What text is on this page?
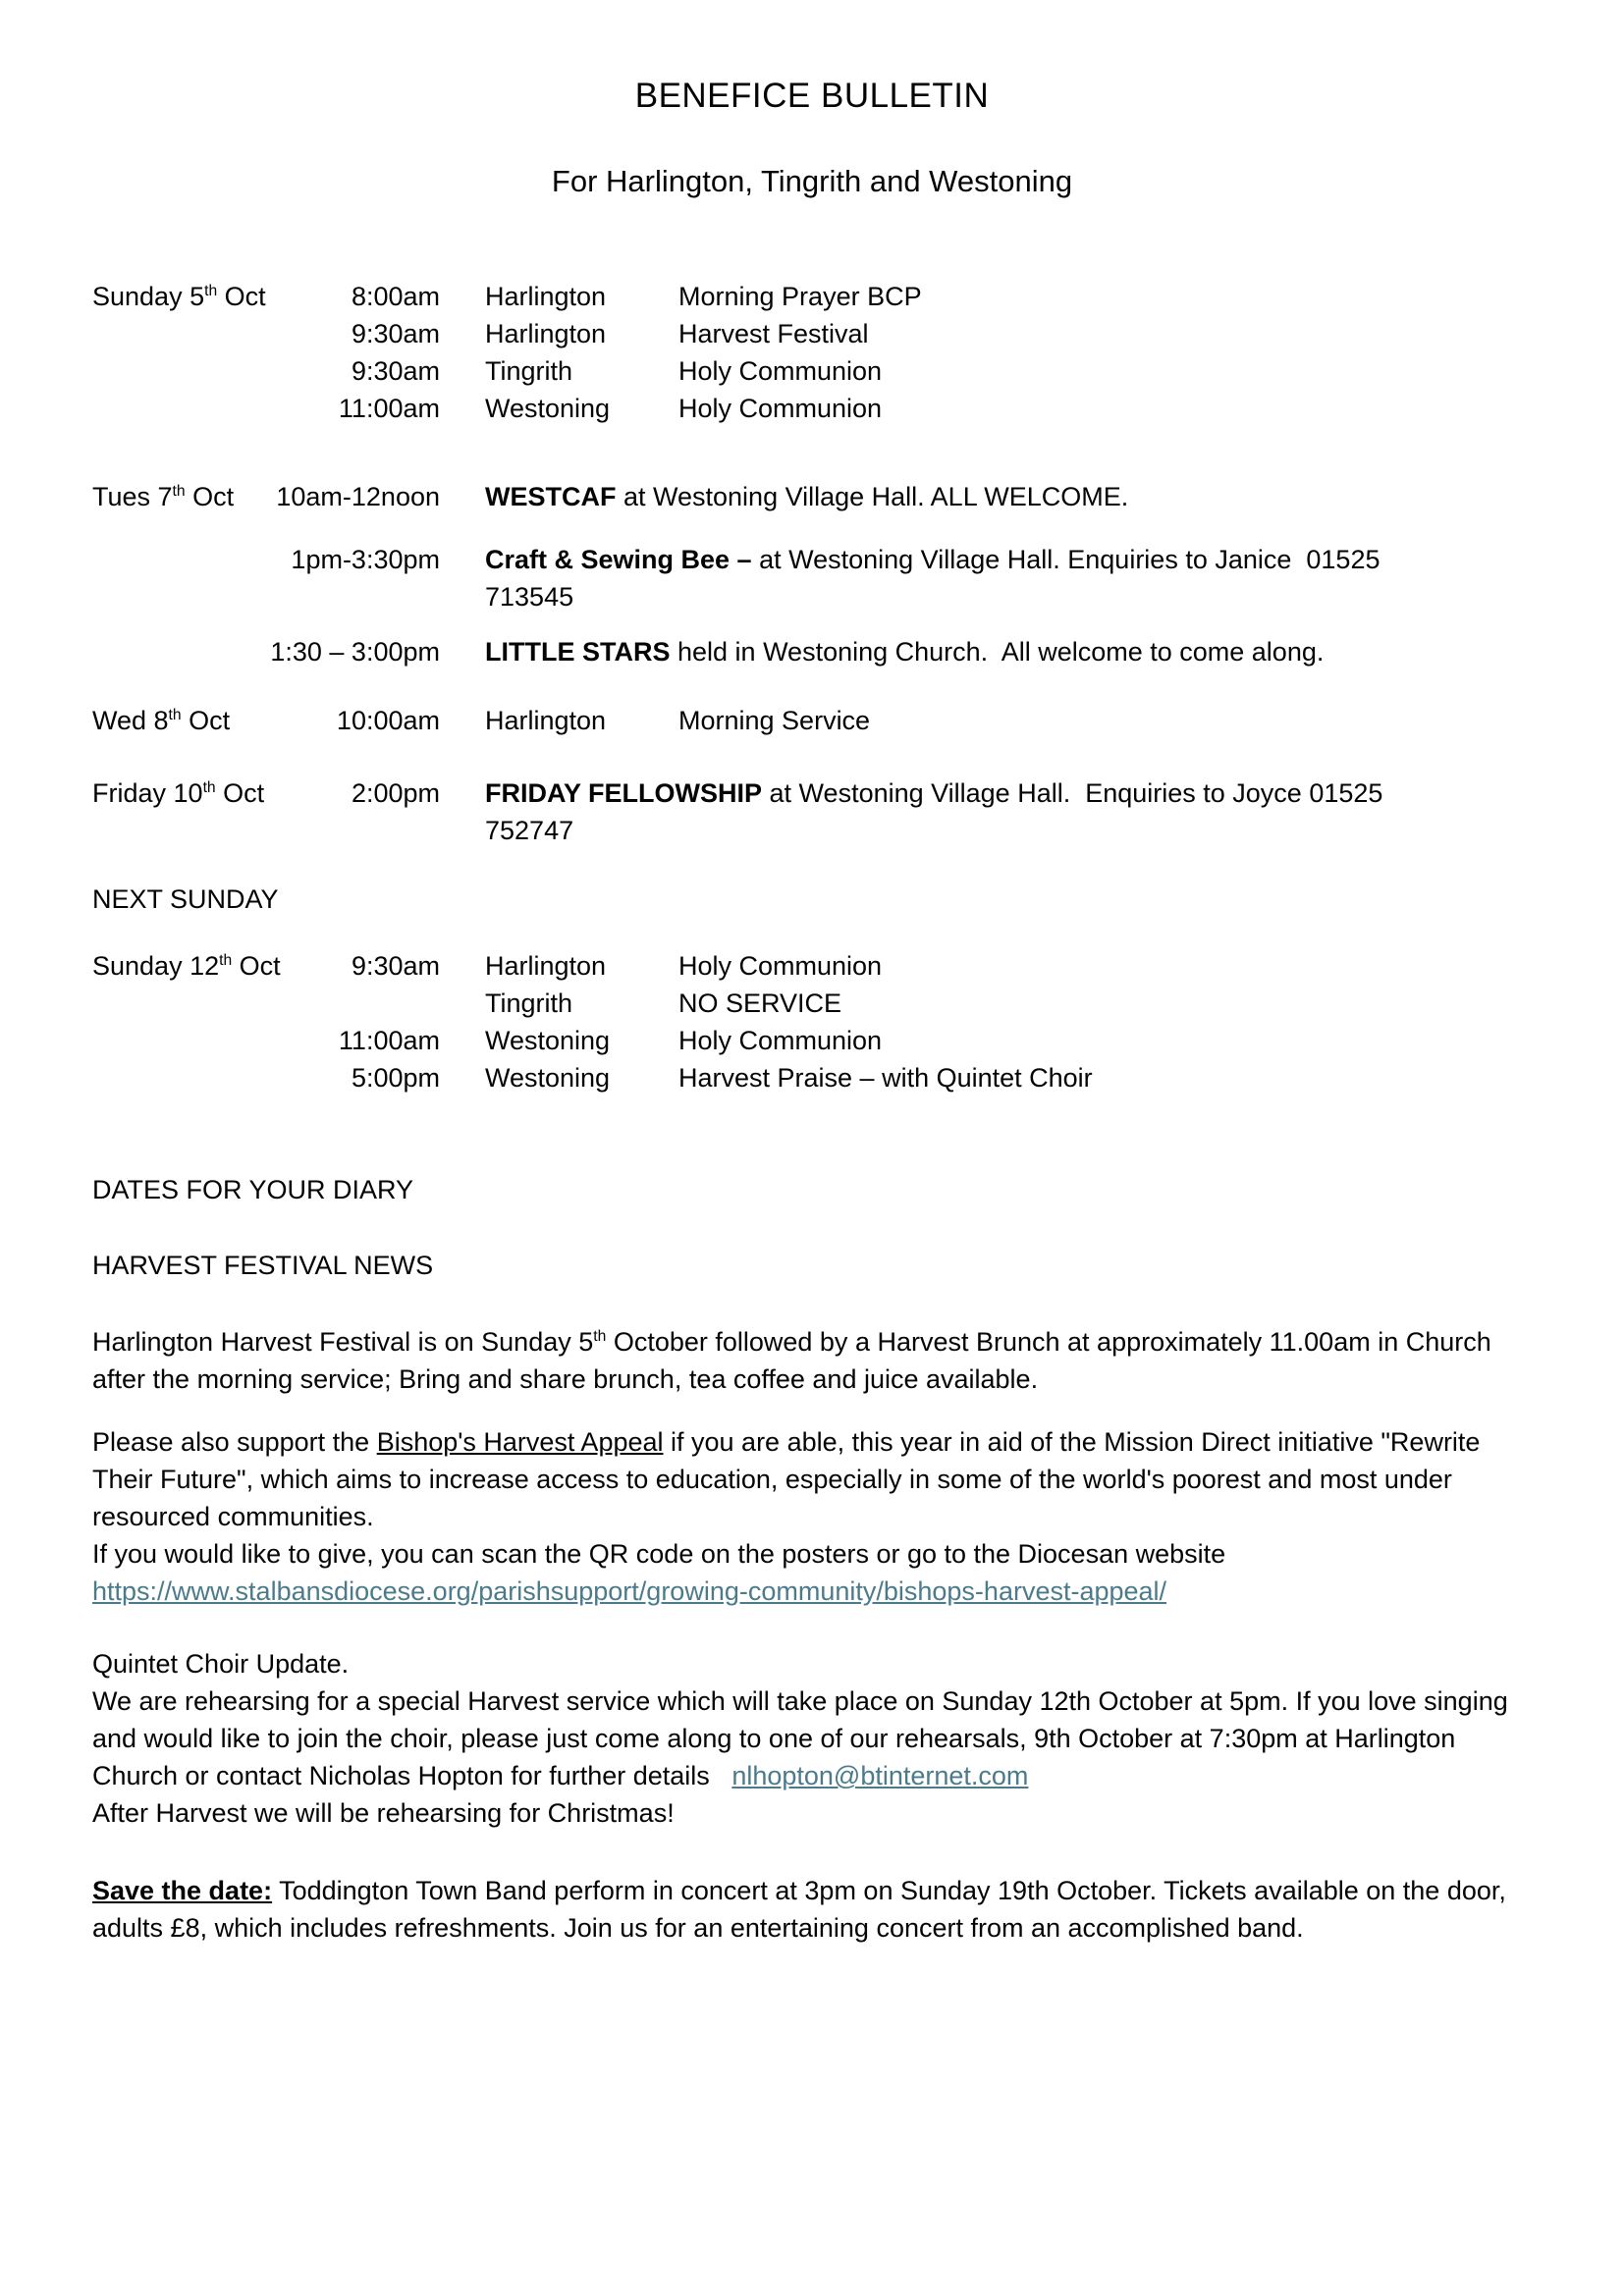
BENEFICE BULLETIN
For Harlington, Tingrith and Westoning
Sunday 5th Oct	8:00am	Harlington	Morning Prayer BCP
9:30am	Harlington	Harvest Festival
9:30am	Tingrith	Holy Communion
11:00am	Westoning	Holy Communion
Tues 7th Oct	10am-12noon	WESTCAF at Westoning Village Hall. ALL WELCOME.
1pm-3:30pm	Craft & Sewing Bee – at Westoning Village Hall. Enquiries to Janice  01525
713545
1:30 – 3:00pm	LITTLE STARS held in Westoning Church.  All welcome to come along.
Wed 8th Oct	10:00am	Harlington	Morning Service
Friday 10th Oct	2:00pm	FRIDAY FELLOWSHIP at Westoning Village Hall.  Enquiries to Joyce 01525
752747
NEXT SUNDAY
Sunday 12th Oct	9:30am	Harlington	Holy Communion
Tingrith	NO SERVICE
11:00am	Westoning	Holy Communion
5:00pm	Westoning	Harvest Praise – with Quintet Choir
DATES FOR YOUR DIARY
HARVEST FESTIVAL NEWS

Harlington Harvest Festival is on Sunday 5th October followed by a Harvest Brunch at approximately 11.00am in Church after the morning service; Bring and share brunch, tea coffee and juice available.

Please also support the Bishop's Harvest Appeal if you are able, this year in aid of the Mission Direct initiative "Rewrite Their Future", which aims to increase access to education, especially in some of the world's poorest and most under resourced communities.
If you would like to give, you can scan the QR code on the posters or go to the Diocesan website
https://www.stalbansdiocese.org/parishsupport/growing-community/bishops-harvest-appeal/

Quintet Choir Update.
We are rehearsing for a special Harvest service which will take place on Sunday 12th October at 5pm. If you love singing and would like to join the choir, please just come along to one of our rehearsals, 9th October at 7:30pm at Harlington Church or contact Nicholas Hopton for further details   nlhopton@btinternet.com
After Harvest we will be rehearsing for Christmas!

Save the date: Toddington Town Band perform in concert at 3pm on Sunday 19th October. Tickets available on the door, adults £8, which includes refreshments. Join us for an entertaining concert from an accomplished band.
